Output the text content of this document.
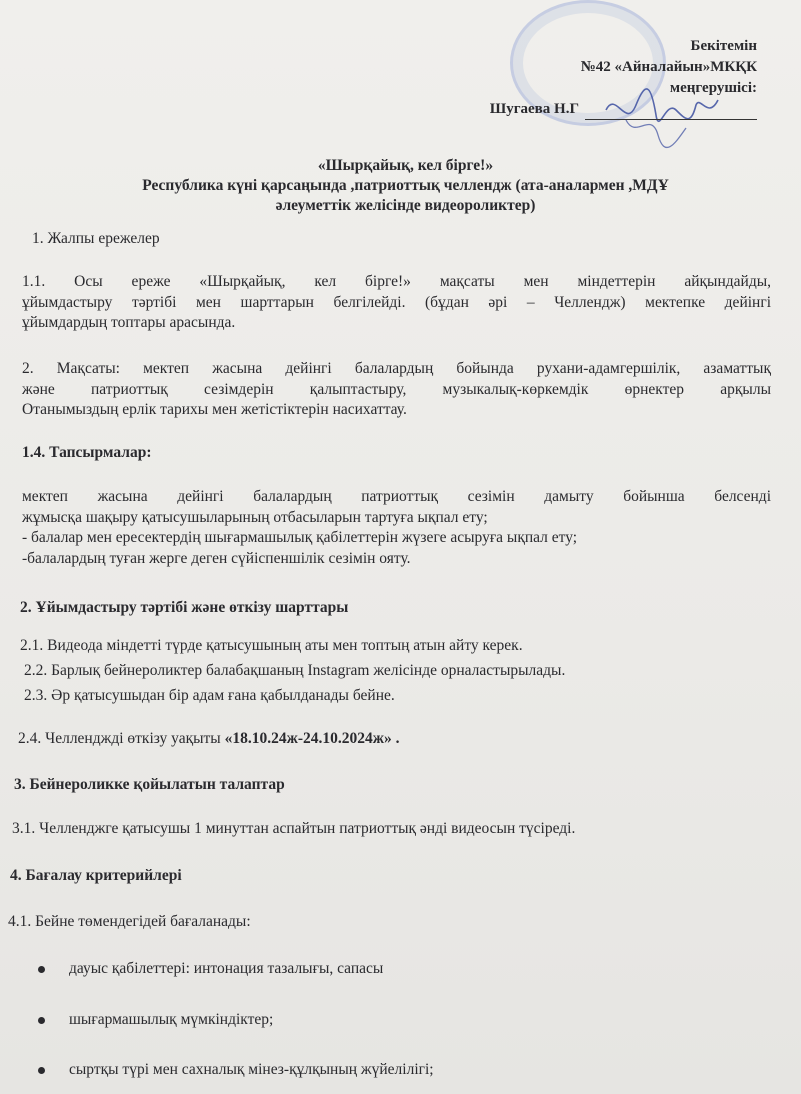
Бекітемін
№42 «Айналайын»МКҚК
меңгерушісі:
Шугаева Н.Г
«Шырқайық, кел бірге!»
Республика күні қарсаңында ,патриоттық челлендж (ата-аналармен ,МДҰ
әлеуметтік желісінде видеороликтер)
1. Жалпы ережелер
1.1. Осы ереже «Шырқайық, кел бірге!» мақсаты мен міндеттерін айқындайды,
ұйымдастыру тәртібі мен шарттарын белгілейді. (бұдан әрі – Челлендж) мектепке дейінгі
ұйымдардың топтары арасында.
2. Мақсаты: мектеп жасына дейінгі балалардың бойында рухани-адамгершілік, азаматтық
және патриоттық сезімдерін қалыптастыру, музыкалық-көркемдік өрнектер арқылы
Отанымыздың ерлік тарихы мен жетістіктерін насихаттау.
1.4. Тапсырмалар:
мектеп жасына дейінгі балалардың патриоттық сезімін дамыту бойынша белсенді
жұмысқа шақыру қатысушыларының отбасыларын тартуға ықпал ету;
- балалар мен ересектердің шығармашылық қабілеттерін жүзеге асыруға ықпал ету;
-балалардың туған жерге деген сүйіспеншілік сезімін ояту.
2. Ұйымдастыру тәртібі және өткізу шарттары
2.1. Видеода міндетті түрде қатысушының аты мен топтың атын айту керек.
2.2. Барлық бейнероликтер балабақшаның Instagram желісінде орналастырылады.
2.3. Әр қатысушыдан бір адам ғана қабылданады бейне.
2.4. Челленджді өткізу уақыты «18.10.24ж-24.10.2024ж» .
3. Бейнероликке қойылатын талаптар
3.1. Челленджге қатысушы 1 минуттан аспайтын патриоттық әнді видеосын түсіреді.
4. Бағалау критерийлері
4.1. Бейне төмендегідей бағаланады:
дауыс қабілеттері: интонация тазалығы, сапасы
шығармашылық мүмкіндіктер;
сыртқы түрі мен сахналық мінез-құлқының жүйелілігі;
